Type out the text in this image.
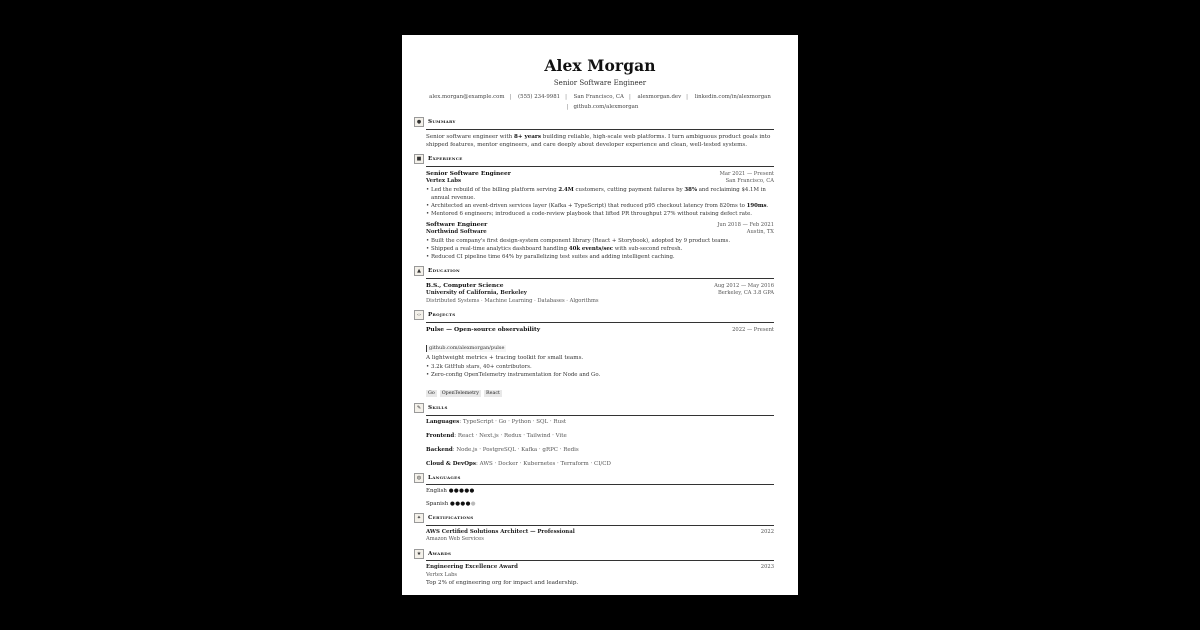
Alex Morgan
Senior Software Engineer
alex.morgan@example.com | (555) 234-9981 | San Francisco, CA | alexmorgan.dev | linkedin.com/in/alexmorgan
| github.com/alexmorgan
●	Summary
Senior software engineer with 8+ years building reliable, high-scale web platforms. I turn ambiguous product goals into shipped features, mentor engineers, and care deeply about developer experience and clean, well-tested systems.
■	Experience
Senior Software Engineer	Mar 2021 — Present
Vertex Labs	San Francisco, CA
• Led the rebuild of the billing platform serving 2.4M customers, cutting payment failures by 38% and reclaiming $4.1M in annual revenue.
• Architected an event-driven services layer (Kafka + TypeScript) that reduced p95 checkout latency from 820ms to 190ms.
• Mentored 6 engineers; introduced a code-review playbook that lifted PR throughput 27% without raising defect rate.
Software Engineer	Jun 2018 — Feb 2021
Northwind Software	Austin, TX
• Built the company's first design-system component library (React + Storybook), adopted by 9 product teams.
• Shipped a real-time analytics dashboard handling 40k events/sec with sub-second refresh.
• Reduced CI pipeline time 64% by parallelizing test suites and adding intelligent caching.
▲	Education
B.S., Computer Science	Aug 2012 — May 2016
University of California, Berkeley	Berkeley, CA 3.8 GPA
Distributed Systems · Machine Learning · Databases · Algorithms
‹›	Projects
Pulse — Open-source observability	2022 — Present
github.com/alexmorgan/pulse
A lightweight metrics + tracing toolkit for small teams.
• 3.2k GitHub stars, 40+ contributors.
• Zero-config OpenTelemetry instrumentation for Node and Go.
Go OpenTelemetry React
✎	Skills
Languages: TypeScript · Go · Python · SQL · Rust
Frontend: React · Next.js · Redux · Tailwind · Vite
Backend: Node.js · PostgreSQL · Kafka · gRPC · Redis
Cloud & DevOps: AWS · Docker · Kubernetes · Terraform · CI/CD
◍	Languages
English ●●●●●
Spanish ●●●●●
✦	Certifications
AWS Certified Solutions Architect — Professional	2022
Amazon Web Services
★	Awards
Engineering Excellence Award	2023
Vertex Labs
Top 2% of engineering org for impact and leadership.
